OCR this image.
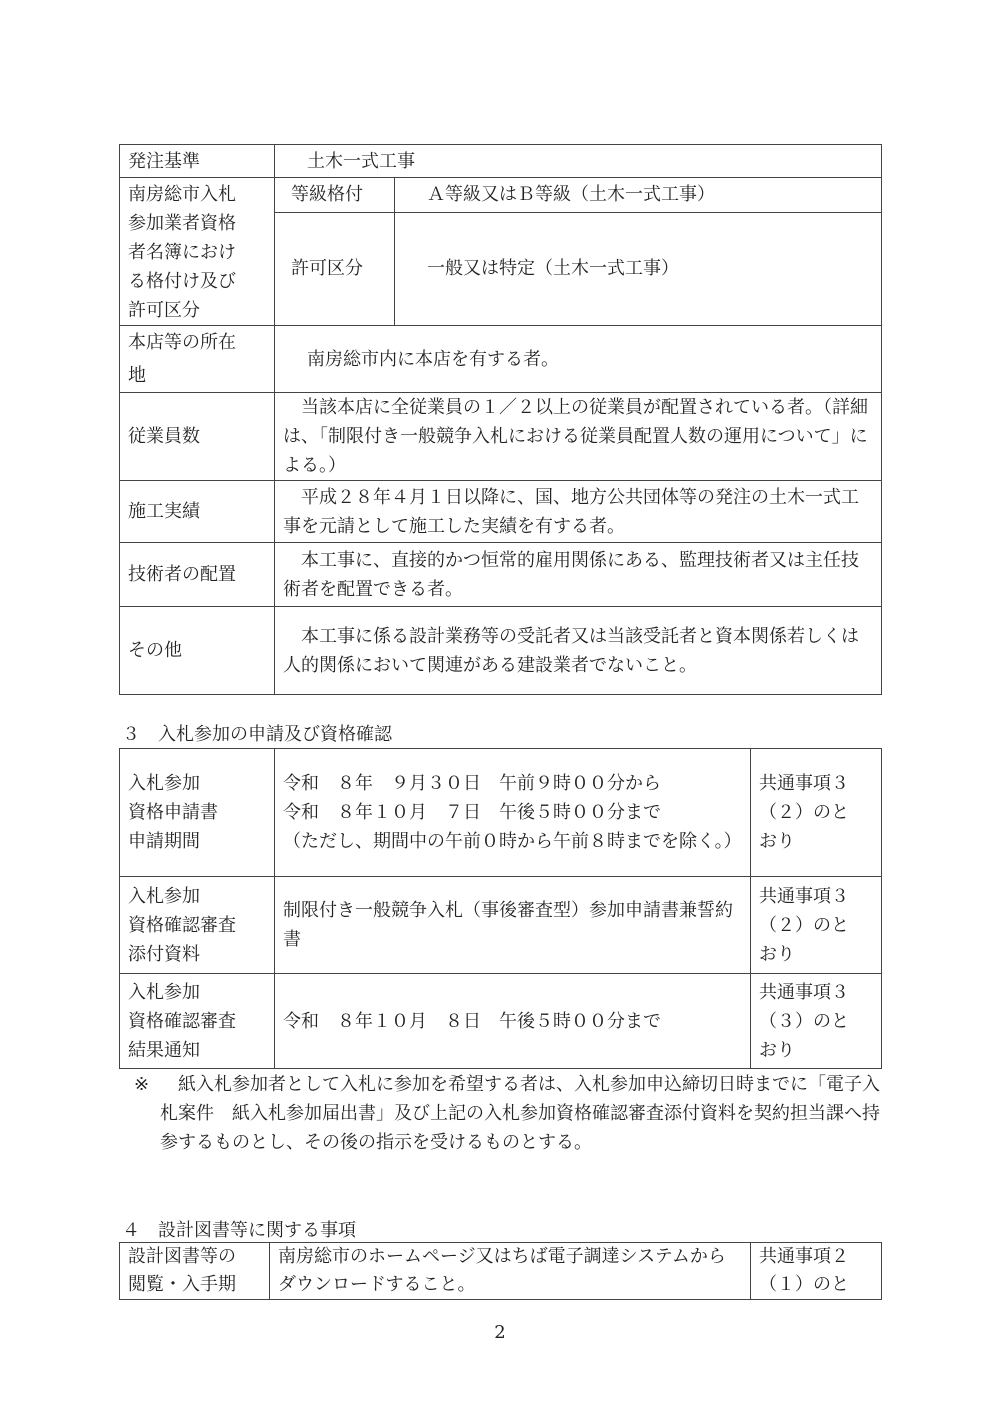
発注基準	土木一式工事	
南房総市入札
参加業者資格
者名簿におけ
る格付け及び
許可区分	等級格付	Ａ等級又はＢ等級（土木一式工事）
	許可区分	一般又は特定（土木一式工事）
本店等の所在
地	南房総市内に本店を有する者。	
従業員数	当該本店に全従業員の１／２以上の従業員が配置されている者。（詳細は、「制限付き一般競争入札における従業員配置人数の運用について」による。）	
施工実績	平成２８年４月１日以降に、国、地方公共団体等の発注の土木一式工事を元請として施工した実績を有する者。	
技術者の配置	本工事に、直接的かつ恒常的雇用関係にある、監理技術者又は主任技術者を配置できる者。	
その他	本工事に係る設計業務等の受託者又は当該受託者と資本関係若しくは人的関係において関連がある建設業者でないこと。	
３　入札参加の申請及び資格確認
入札参加
資格申請書
申請期間	令和　８年　９月３０日　午前９時００分から
令和　８年１０月　７日　午後５時００分まで
（ただし、期間中の午前０時から午前８時までを除く。）	共通事項３
（２）のと
おり
入札参加
資格確認審査
添付資料	制限付き一般競争入札（事後審査型）参加申請書兼誓約書	共通事項３
（２）のと
おり
入札参加
資格確認審査
結果通知	令和　８年１０月　８日　午後５時００分まで	共通事項３
（３）のと
おり
※	紙入札参加者として入札に参加を希望する者は、入札参加申込締切日時までに「電子入札案件　紙入札参加届出書」及び上記の入札参加資格確認審査添付資料を契約担当課へ持参するものとし、その後の指示を受けるものとする。
４　設計図書等に関する事項
設計図書等の
閲覧・入手期	南房総市のホームページ又はちば電子調達システムからダウンロードすること。	共通事項２
（１）のと
2
